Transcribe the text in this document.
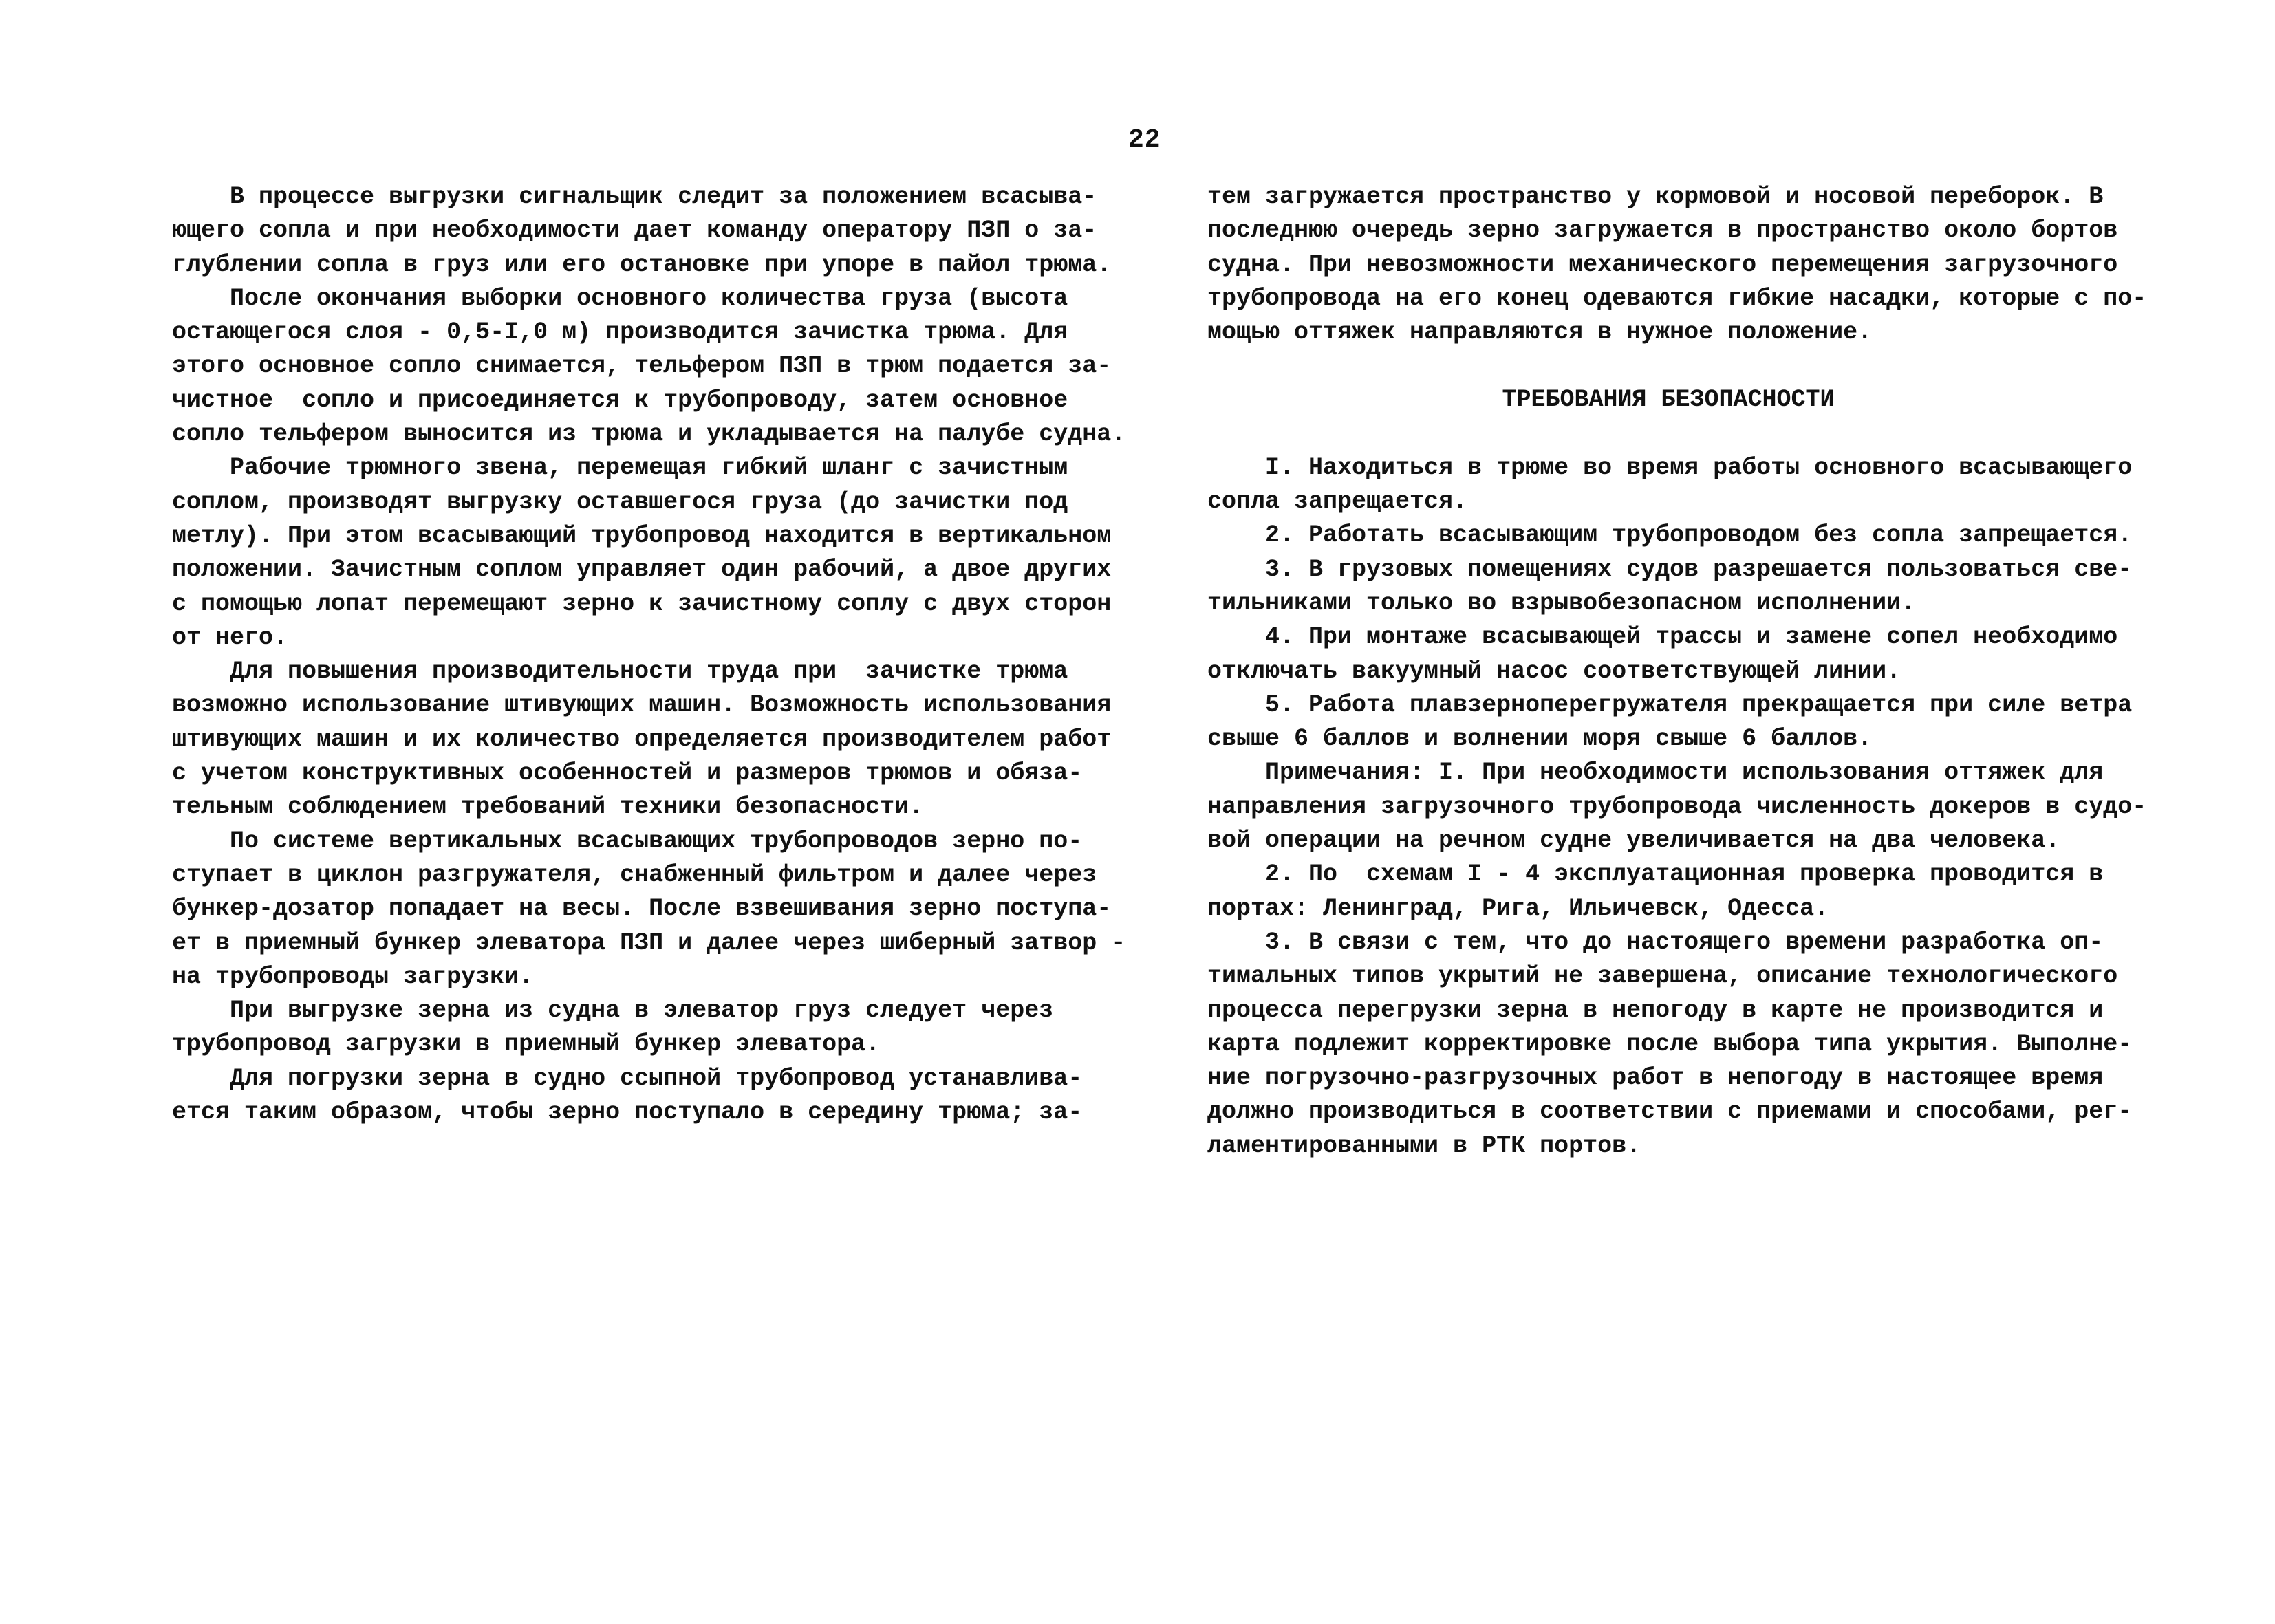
22
В процессе выгрузки сигнальщик следит за положением всасыва-
ющего сопла и при необходимости дает команду оператору ПЗП о за-
глублении сопла в груз или его остановке при упоре в пайол трюма.
После окончания выборки основного количества груза (высота
остающегося слоя - 0,5-I,0 м) производится зачистка трюма. Для
этого основное сопло снимается, тельфером ПЗП в трюм подается за-
чистное  сопло и присоединяется к трубопроводу, затем основное
сопло тельфером выносится из трюма и укладывается на палубе судна.
Рабочие трюмного звена, перемещая гибкий шланг с зачистным
соплом, производят выгрузку оставшегося груза (до зачистки под
метлу). При этом всасывающий трубопровод находится в вертикальном
положении. Зачистным соплом управляет один рабочий, а двое других
с помощью лопат перемещают зерно к зачистному соплу с двух сторон
от него.
Для повышения производительности труда при  зачистке трюма
возможно использование штивующих машин. Возможность использования
штивующих машин и их количество определяется производителем работ
с учетом конструктивных особенностей и размеров трюмов и обяза-
тельным соблюдением требований техники безопасности.
По системе вертикальных всасывающих трубопроводов зерно по-
ступает в циклон разгружателя, снабженный фильтром и далее через
бункер-дозатор попадает на весы. После взвешивания зерно поступа-
ет в приемный бункер элеватора ПЗП и далее через шиберный затвор -
на трубопроводы загрузки.
При выгрузке зерна из судна в элеватор груз следует через
трубопровод загрузки в приемный бункер элеватора.
Для погрузки зерна в судно ссыпной трубопровод устанавлива-
ется таким образом, чтобы зерно поступало в середину трюма; за-
тем загружается пространство у кормовой и носовой переборок. В
последнюю очередь зерно загружается в пространство около бортов
судна. При невозможности механического перемещения загрузочного
трубопровода на его конец одеваются гибкие насадки, которые с по-
мощью оттяжек направляются в нужное положение.
ТРЕБОВАНИЯ БЕЗОПАСНОСТИ
I. Находиться в трюме во время работы основного всасывающего
сопла запрещается.
2. Работать всасывающим трубопроводом без сопла запрещается.
3. В грузовых помещениях судов разрешается пользоваться све-
тильниками только во взрывобезопасном исполнении.
4. При монтаже всасывающей трассы и замене сопел необходимо
отключать вакуумный насос соответствующей линии.
5. Работа плавзерноперегружателя прекращается при силе ветра
свыше 6 баллов и волнении моря свыше 6 баллов.
Примечания: I. При необходимости использования оттяжек для
направления загрузочного трубопровода численность докеров в судо-
вой операции на речном судне увеличивается на два человека.
2. По  схемам I - 4 эксплуатационная проверка проводится в
портах: Ленинград, Рига, Ильичевск, Одесса.
3. В связи с тем, что до настоящего времени разработка оп-
тимальных типов укрытий не завершена, описание технологического
процесса перегрузки зерна в непогоду в карте не производится и
карта подлежит корректировке после выбора типа укрытия. Выполне-
ние погрузочно-разгрузочных работ в непогоду в настоящее время
должно производиться в соответствии с приемами и способами, рег-
ламентированными в РТК портов.
